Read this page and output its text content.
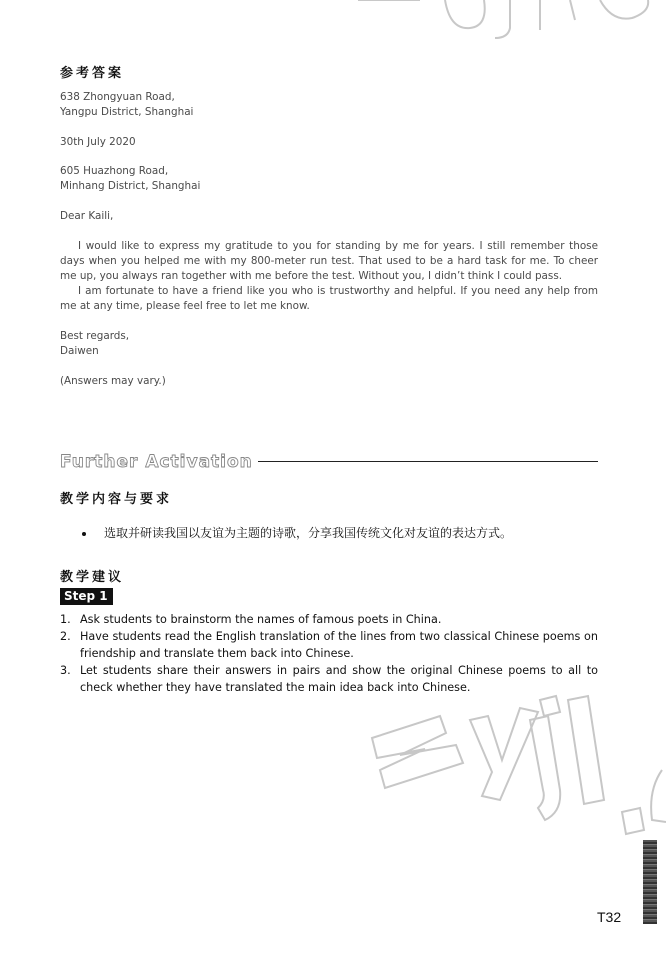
参考答案

638 Zhongyuan Road,

Yangpu District, Shanghai

30th July 2020

605 Huazhong Road,

Minhang District, Shanghai

Dear Kaili,

I would like to express my gratitude to you for standing by me for years. I still remember those days when you helped me with my 800-meter run test. That used to be a hard task for me. To cheer me up, you always ran together with me before the test. Without you, I didn’t think I could pass.

I am fortunate to have a friend like you who is trustworthy and helpful. If you need any help from me at any time, please feel free to let me know.

Best regards,

Daiwen

(Answers may vary.)
Further Activation
教学内容与要求
选取并研读我国以友谊为主题的诗歌，分享我国传统文化对友谊的表达方式。
教学建议
Step 1
1. Ask students to brainstorm the names of famous poets in China.
2. Have students read the English translation of the lines from two classical Chinese poems on friendship and translate them back into Chinese.
3. Let students share their answers in pairs and show the original Chinese poems to all to check whether they have translated the main idea back into Chinese.
T32
